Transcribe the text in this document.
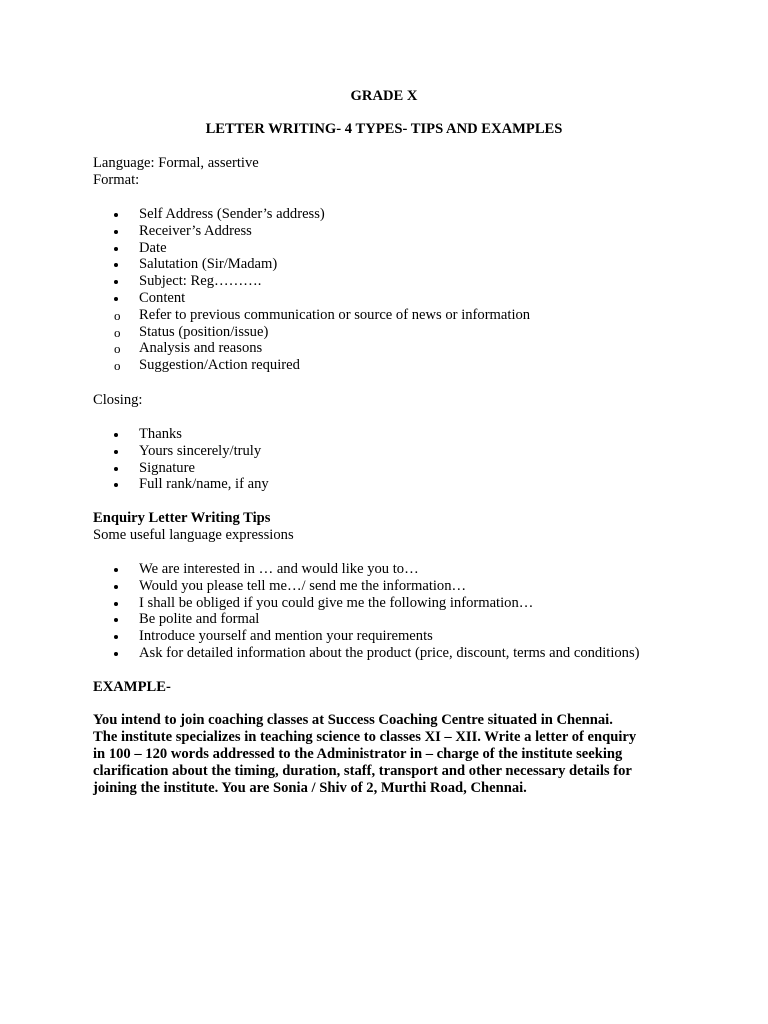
GRADE X
LETTER WRITING- 4 TYPES- TIPS AND EXAMPLES
Language: Formal, assertive
Format:
Self Address (Sender’s address)
Receiver’s Address
Date
Salutation (Sir/Madam)
Subject: Reg……….
Content
o Refer to previous communication or source of news or information
o Status (position/issue)
o Analysis and reasons
o Suggestion/Action required
Closing:
Thanks
Yours sincerely/truly
Signature
Full rank/name, if any
Enquiry Letter Writing Tips
Some useful language expressions
We are interested in … and would like you to…
Would you please tell me…/ send me the information…
I shall be obliged if you could give me the following information…
Be polite and formal
Introduce yourself and mention your requirements
Ask for detailed information about the product (price, discount, terms and conditions)
EXAMPLE-
You intend to join coaching classes at Success Coaching Centre situated in Chennai.
The institute specializes in teaching science to classes XI – XII. Write a letter of enquiry
in 100 – 120 words addressed to the Administrator in – charge of the institute seeking
clarification about the timing, duration, staff, transport and other necessary details for
joining the institute. You are Sonia / Shiv of 2, Murthi Road, Chennai.
